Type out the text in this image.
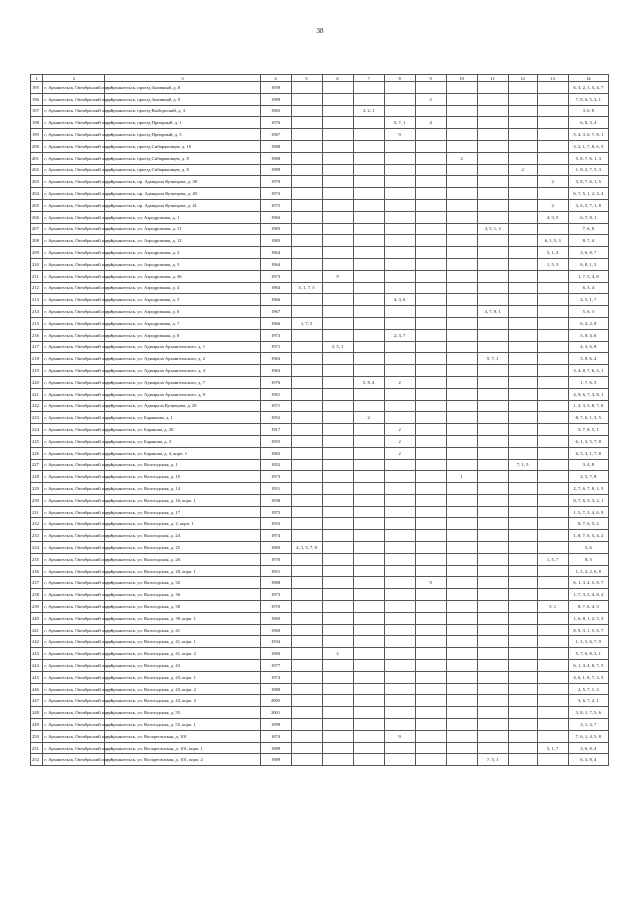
38
1	2	3	4	5	6	7	8	9	10	11	12	13	14
195	г. Архангельск, Октябрьский округ	г. Архангельск, проезд Заливный, д. 8	1959										6, 3, 2, 1, 5, 4, 7
196	г. Архангельск, Октябрьский округ	г. Архангельск, проезд Заливный, д. 9	1989					2					7, 8, 6, 5, 3, 1
197	г. Архангельск, Октябрьский округ	г. Архангельск, проезд Выборгский, д. 3	1965			3, 2, 1							3, 6, 8
198	г. Архангельск, Октябрьский округ	г. Архангельск, проезд Приорный, д. 1	1976				5, 7, 1	4					6, 8, 3, 4
199	г. Архангельск, Октябрьский округ	г. Архангельск, проезд Приорный, д. 5	1987				9						5, 4, 3, 6, 7, 8, 1
200	г. Архангельск, Октябрьский округ	г. Архангельск, проезд Сибиряковцев, д. 10	1988										3, 2, 1, 7, 8, 6, 5
201	г. Архангельск, Октябрьский округ	г. Архангельск, проезд Сибиряковцев, д. 8	1988						2				5, 8, 7, 6, 1, 3
202	г. Архангельск, Октябрьский округ	г. Архангельск, проезд Сибиряковцев, д. 8	1989								2		1, 8, 2, 7, 5, 3
203	г. Архангельск, Октябрьский округ	г. Архангельск, пр. Адмирала Кузнецова, д. 38	1979									2	3, 8, 7, 6, 1, 5
204	г. Архангельск, Октябрьский округ	г. Архангельск, пр. Адмирала Кузнецова, д. 40	1973										6, 7, 5, 1, 2, 3, 4
205	г. Архангельск, Октябрьский округ	г. Архангельск, пр. Адмирала Кузнецова, д. 41	1975									2	3, 6, 5, 7, 1, 8
206	г. Архангельск, Октябрьский округ	г. Архангельск, ул. Аэродромная, д. 1	1984									4, 3, 5	6, 7, 8, 1
207	г. Архангельск, Октябрьский округ	г. Архангельск, ул. Аэродромная, д. 11	1983							4, 5, 1, 3			7, 6, 8
208	г. Архангельск, Октябрьский округ	г. Архангельск, ул. Аэродромная, д. 12	1983									6, 1, 5, 3	8, 7, 4
209	г. Архангельск, Октябрьский округ	г. Архангельск, ул. Аэродромная, д. 2	1964									5, 1, 4	3, 6, 8, 7
210	г. Архангельск, Октябрьский округ	г. Архангельск, ул. Аэродромная, д. 3	1964									1, 5, 3	6, 8, 1, 5
211	г. Архангельск, Октябрьский округ	г. Архангельск, ул. Аэродромная, д. 36	1973		9								1, 7, 5, 4, 8
212	г. Архангельск, Октябрьский округ	г. Архангельск, ул. Аэродромная, д. 4	1964	5, 1, 7, 3									6, 3, 4
213	г. Архангельск, Октябрьский округ	г. Архангельск, ул. Аэродромная, д. 5	1966				4, 3, 6						2, 5, 1, 7
214	г. Архангельск, Октябрьский округ	г. Архангельск, ул. Аэродромная, д. 6	1967							4, 7, 8, 1			5, 6, 3
215	г. Архангельск, Октябрьский округ	г. Архангельск, ул. Аэродромная, д. 7	1966	1, 7, 5									6, 4, 2, 8
216	г. Архангельск, Октябрьский округ	г. Архангельск, ул. Аэродромная, д. 8	1973				2, 3, 7						5, 8, 4, 6
217	г. Архангельск, Октябрьский округ	г. Архангельск, ул. Адмирала Архангельского, д. 1	1971		2, 5, 1								4, 3, 6, 8
218	г. Архангельск, Октябрьский округ	г. Архангельск, ул. Адмирала Архангельского, д. 2	1963							5, 7, 1			3, 8, 6, 4
219	г. Архангельск, Октябрьский округ	г. Архангельск, ул. Адмирала Архангельского, д. 4	1963										3, 4, 8, 7, 6, 5, 1
220	г. Архангельск, Октябрьский округ	г. Архангельск, ул. Адмирала Архангельского, д. 7	1976			5, 8, 4	2						1, 7, 6, 5
221	г. Архангельск, Октябрьский округ	г. Архангельск, ул. Адмирала Архангельского, д. 9	1981										4, 9, 6, 7, 3, 8, 1
222	г. Архангельск, Октябрьский округ	г. Архангельск, ул. Адмирала Кузнецова, д. 29	1971										1, 2, 3, 5, 8, 7, 6
223	г. Архангельск, Октябрьский округ	г. Архангельск, ул. Бараньева, д. 1	1952			2							8, 7, 6, 1, 3, 5
224	г. Архангельск, Октябрьский округ	г. Архангельск, ул. Баранова, д. 20	1917				2						3, 7, 8, 5, 1
225	г. Архангельск, Октябрьский округ	г. Архангельск, ул. Баранова, д. 3	1955				2						6, 1, 3, 5, 7, 8
226	г. Архангельск, Октябрьский округ	г. Архангельск, ул. Баранова, д. 4, корп. 1	1982				2						6, 5, 3, 1, 7, 8
227	г. Архангельск, Октябрьский округ	г. Архангельск, ул. Вологодская, д. 1	1952								7, 1, 5		3, 4, 8
228	г. Архангельск, Октябрьский округ	г. Архангельск, ул. Вологодская, д. 10	1973						1				2, 5, 7, 8
229	г. Архангельск, Октябрьский округ	г. Архангельск, ул. Вологодская, д. 14	1931										2, 7, 6, 7, 8, 1, 5
230	г. Архангельск, Октябрьский округ	г. Архангельск, ул. Вологодская, д. 16, корп. 1	1930										8, 7, 6, 5, 3, 2, 1
231	г. Архангельск, Октябрьский округ	г. Архангельск, ул. Вологодская, д. 17	1975										1, 5, 7, 3, 4, 6, 9
232	г. Архангельск, Октябрьский округ	г. Архангельск, ул. Вологодская, д. 2, корп. 1	1953										8, 7, 6, 5, 2
233	г. Архангельск, Октябрьский округ	г. Архангельск, ул. Вологодская, д. 24	1974										1, 8, 7, 6, 5, 4, 2
234	г. Архангельск, Октябрьский округ	г. Архангельск, ул. Вологодская, д. 25	1969	4, 1, 5, 7, 8									3, 6
235	г. Архангельск, Октябрьский округ	г. Архангельск, ул. Вологодская, д. 26	1970									1, 5, 7	8, 3
236	г. Архангельск, Октябрьский округ	г. Архангельск, ул. Вологодская, д. 28, корп. 1	1951										1, 5, 3, 2, 6, 8
237	г. Архангельск, Октябрьский округ	г. Архангельск, ул. Вологодская, д. 32	1988					9					6, 1, 3, 4, 5, 8, 7
238	г. Архангельск, Октябрьский округ	г. Архангельск, ул. Вологодская, д. 36	1973										1, 7, 3, 5, 4, 8, 2
239	г. Архангельск, Октябрьский округ	г. Архангельск, ул. Вологодская, д. 38	1970									5, 1	8, 7, 6, 4, 3
240	г. Архангельск, Октябрьский округ	г. Архангельск, ул. Вологодская, д. 39, корп. 1	1960										1, 6, 8, 1, 2, 5, 3
241	г. Архангельск, Октябрьский округ	г. Архангельск, ул. Вологодская, д. 41	1960										8, 9, 3, 1, 5, 6, 7
242	г. Архангельск, Октябрьский округ	г. Архангельск, ул. Вологодская, д. 41, корп. 1	1934										1, 3, 5, 6, 7, 9
243	г. Архангельск, Октябрьский округ	г. Архангельск, ул. Вологодская, д. 41, корп. 2	1960		2								5, 7, 6, 8, 3, 1
244	г. Архангельск, Октябрьский округ	г. Архангельск, ул. Вологодская, д. 43	1977										6, 1, 3, 4, 8, 7, 5
245	г. Архангельск, Октябрьский округ	г. Архангельск, ул. Вологодская, д. 43, корп. 1	1974										4, 6, 1, 8, 7, 3, 5
246	г. Архангельск, Октябрьский округ	г. Архангельск, ул. Вологодская, д. 43, корп. 2	1980										2, 5, 7, 1, 3
247	г. Архангельск, Октябрьский округ	г. Архангельск, ул. Вологодская, д. 43, корп. 3	2005										3, 6, 7, 2, 1
248	г. Архангельск, Октябрьский округ	г. Архангельск, ул. Вологодская, д. 55	2001										3, 8, 1, 7, 5, 6
249	г. Архангельск, Октябрьский округ	г. Архангельск, ул. Вологодская, д. 55, корп. 1	1999										3, 1, 2, 7
250	г. Архангельск, Октябрьский округ	г. Архангельск, ул. Воскресенская, д. 101	1874				9						7, 6, 1, 4, 5, 8
251	г. Архангельск, Октябрьский округ	г. Архангельск, ул. Воскресенская, д. 101, корп. 1	1989									5, 1, 7	3, 6, 8, 4
252	г. Архангельск, Октябрьский округ	г. Архангельск, ул. Воскресенская, д. 101, корп. 2	1989							7, 5, 1			6, 3, 8, 4
